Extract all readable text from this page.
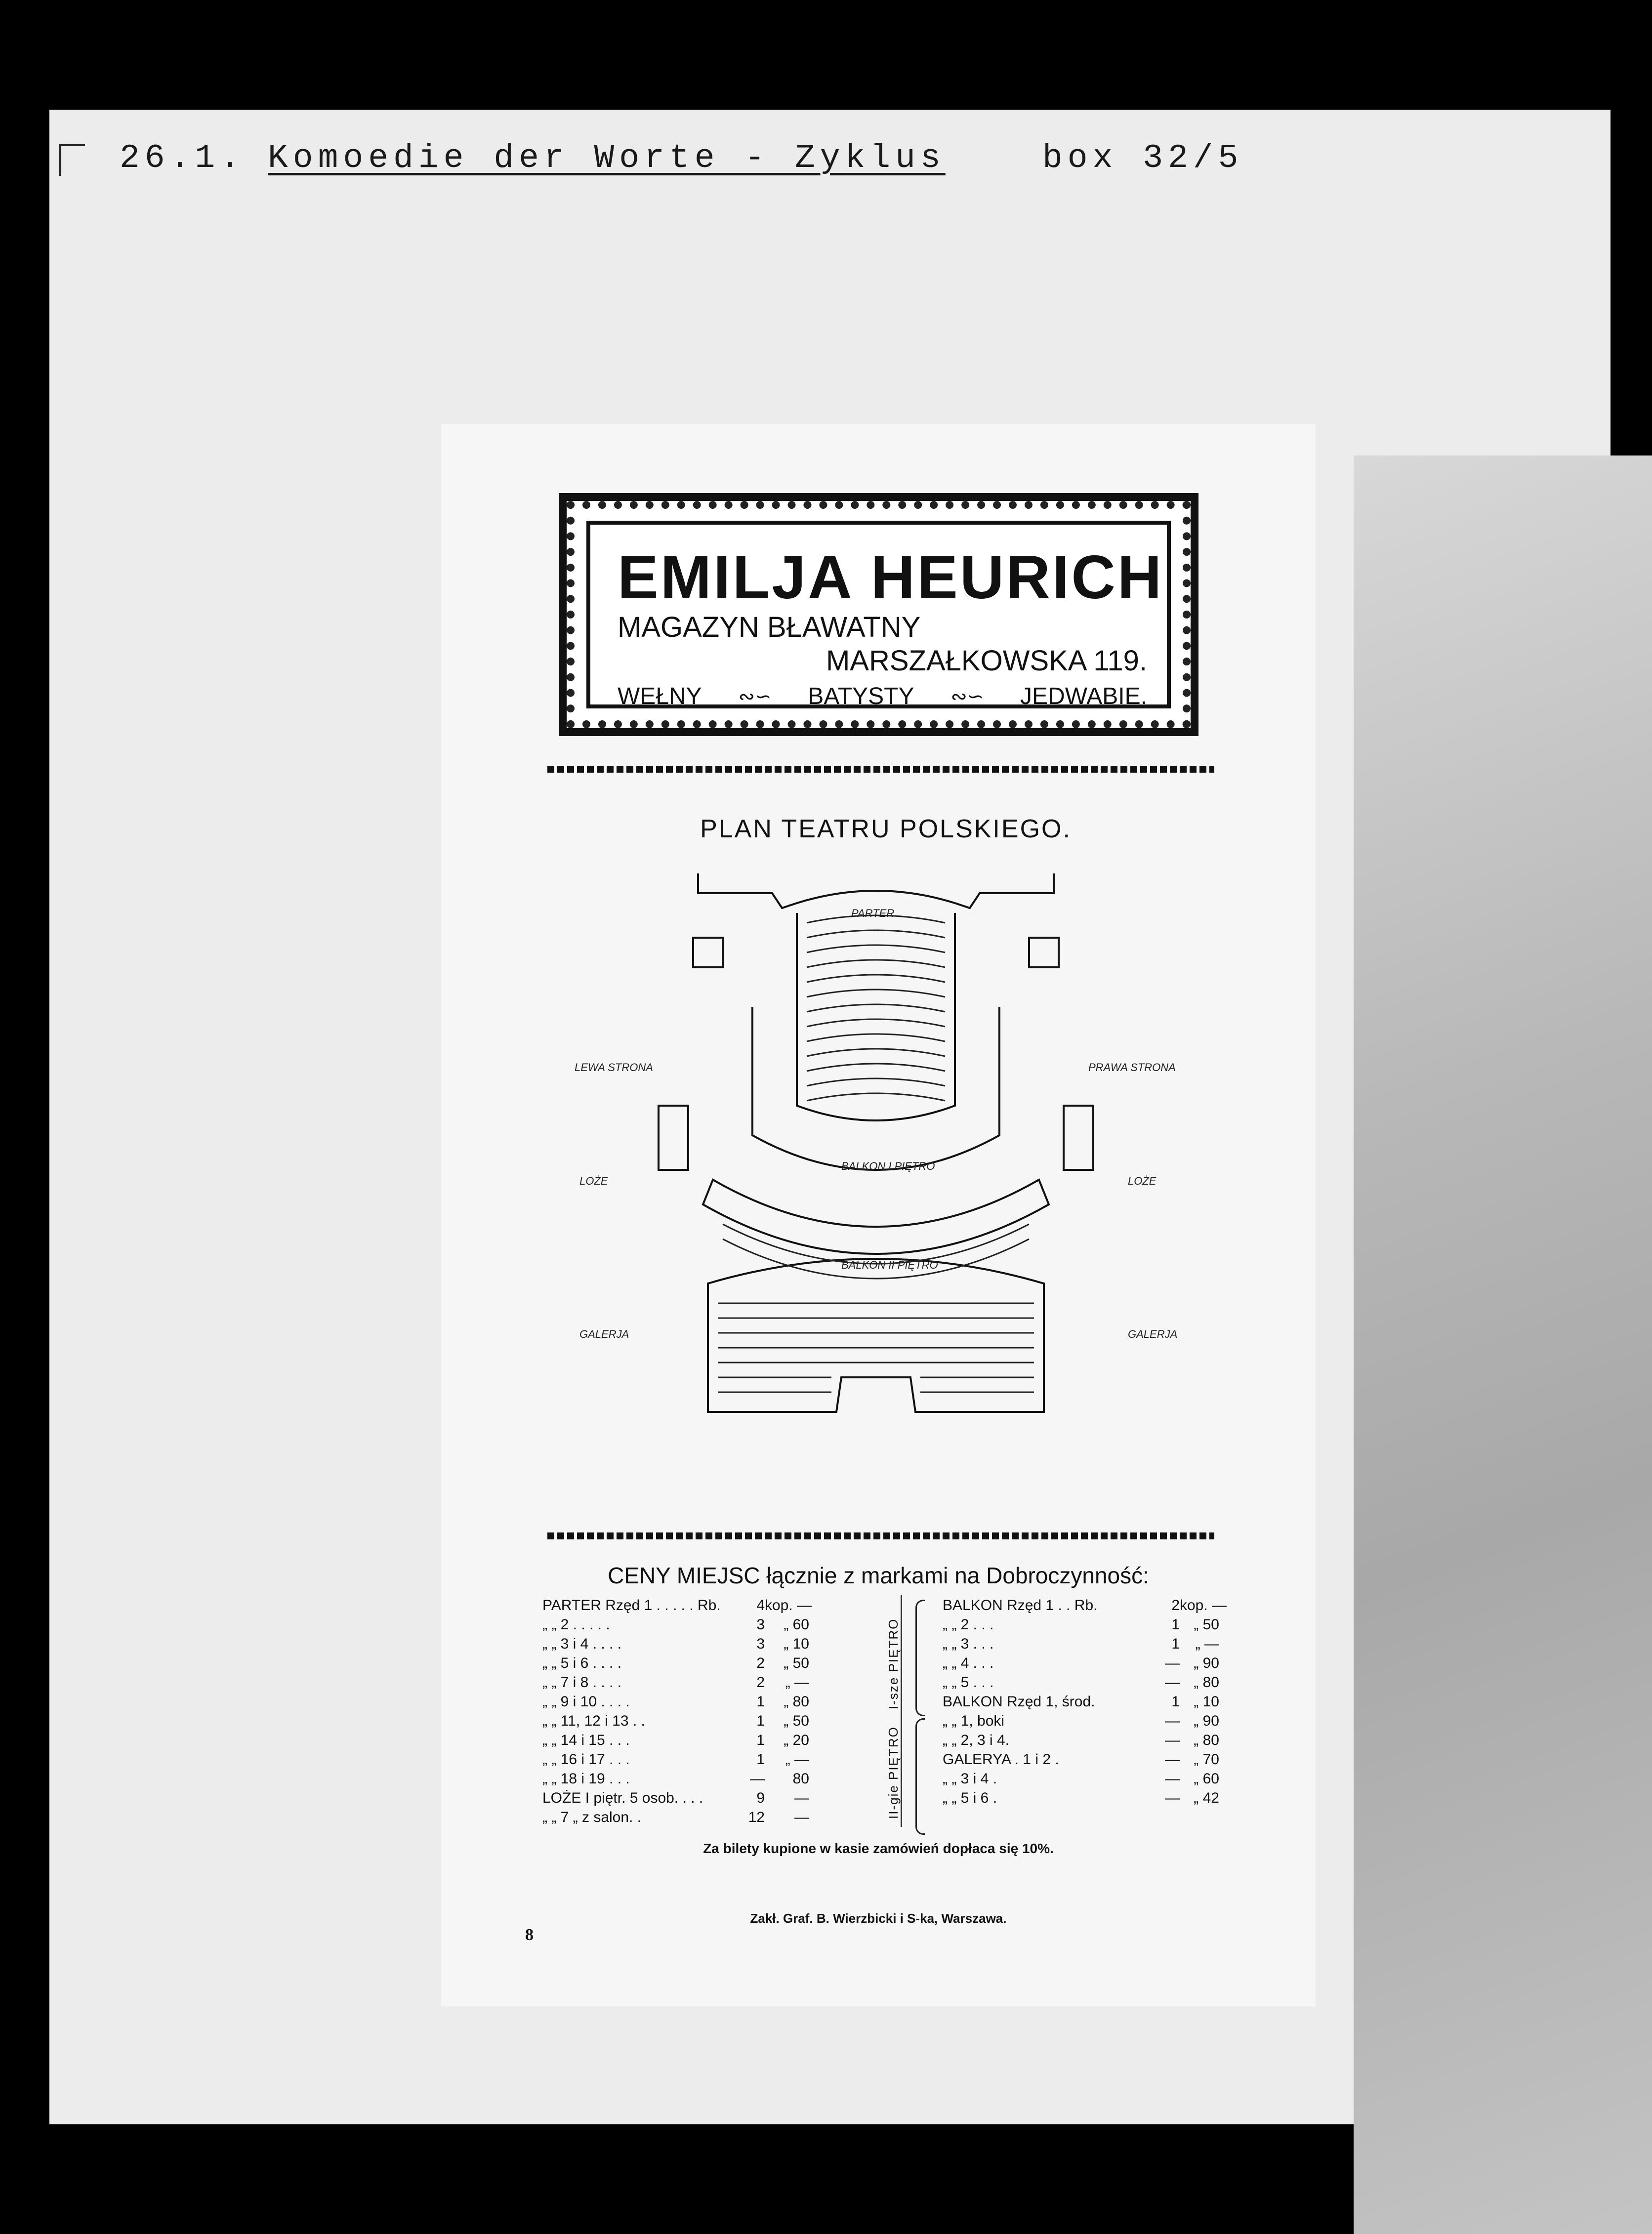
26.1. Komoedie der Worte - Zyklus	box 32/5
EMILJA HEURICH
MAGAZYN BŁAWATNY
MARSZAŁKOWSKA 119.
WEŁNY ∾∽ BATYSTY ∾∽ JEDWABIE.
PLAN TEATRU POLSKIEGO.
LEWA STRONA	PRAWA STRONA
LOŻE	LOŻE
GALERJA	GALERJA
PARTER
BALKON I PIĘTRO
BALKON II PIĘTRO
CENY MIEJSC łącznie z markami na Dobroczynność:
PARTER Rzęd 1 . . . . . Rb.	4 kop. —
„ „ 2 . . . . .	3	„ 60
„ „ 3 i 4 . . . .	3	„ 10
„ „ 5 i 6 . . . .	2	„ 50
„ „ 7 i 8 . . . .	2	„ —
„ „ 9 i 10 . . . .	1	„ 80
„ „ 11, 12 i 13 . .	1	„ 50
„ „ 14 i 15 . . .	1	„ 20
„ „ 16 i 17 . . .	1	„ —
„ „ 18 i 19 . . .	—	80
LOŻE I piętr. 5 osob. . . .	9	—
„ „ 7 „ z salon. .	12	—
I-sze PIĘTRO
II-gie PIĘTRO
BALKON Rzęd 1 . . Rb.	2 kop. —
„ „ 2 . . .	1 „ 50
„ „ 3 . . .	1	„ —
„ „ 4 . . .	— „ 90
„ „ 5 . . .	— „ 80
BALKON Rzęd 1, środ.	1 „ 10
„ „ 1, boki	— „ 90
„ „ 2, 3 i 4.	— „ 80
GALERYA . 1 i 2 .	— „ 70
„ „ 3 i 4 .	— „ 60
„ „ 5 i 6 .	— „ 42
Za bilety kupione w kasie zamówień dopłaca się 10%.
Zakł. Graf. B. Wierzbicki i S-ka, Warszawa.
8
